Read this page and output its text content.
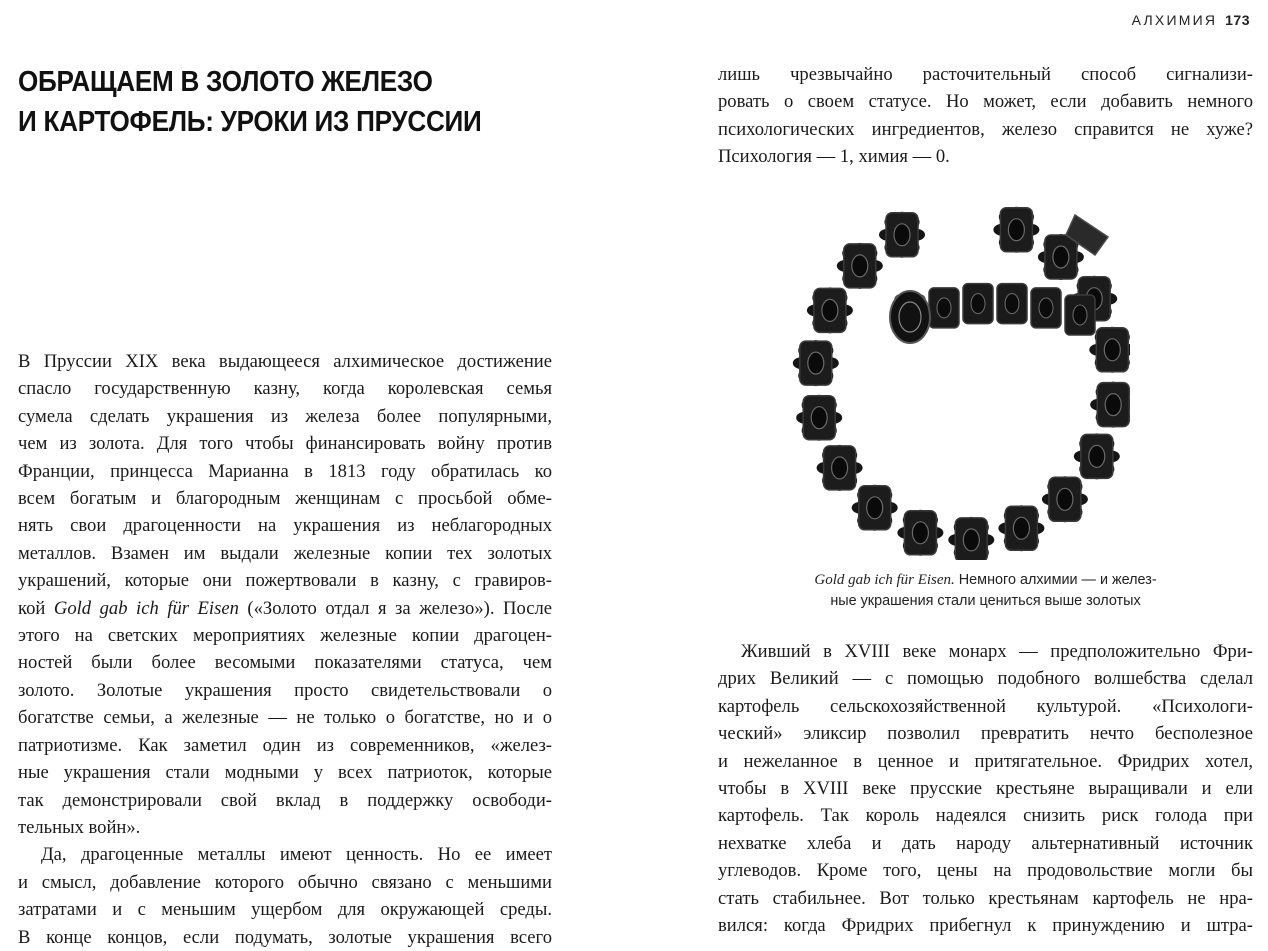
АЛХИМИЯ 173
ОБРАЩАЕМ В ЗОЛОТО ЖЕЛЕЗО
И КАРТОФЕЛЬ: УРОКИ ИЗ ПРУССИИ
В Пруссии XIX века выдающееся алхимическое достижение
спасло государственную казну, когда королевская семья
сумела сделать украшения из железа более популярными,
чем из золота. Для того чтобы финансировать войну против
Франции, принцесса Марианна в 1813 году обратилась ко
всем богатым и благородным женщинам с просьбой обме-
нять свои драгоценности на украшения из неблагородных
металлов. Взамен им выдали железные копии тех золотых
украшений, которые они пожертвовали в казну, с гравиров-
кой Gold gab ich für Eisen («Золото отдал я за железо»). После
этого на светских мероприятиях железные копии драгоцен-
ностей были более весомыми показателями статуса, чем
золото. Золотые украшения просто свидетельствовали о
богатстве семьи, а железные — не только о богатстве, но и о
патриотизме. Как заметил один из современников, «желез-
ные украшения стали модными у всех патриоток, которые
так демонстрировали свой вклад в поддержку освободи-
тельных войн».
Да, драгоценные металлы имеют ценность. Но ее имеет
и смысл, добавление которого обычно связано с меньшими
затратами и с меньшим ущербом для окружающей среды.
В конце концов, если подумать, золотые украшения всего
лишь чрезвычайно расточительный способ сигнализи-
ровать о своем статусе. Но может, если добавить немного
психологических ингредиентов, железо справится не хуже?
Психология — 1, химия — 0.
Gold gab ich für Eisen. Немного алхимии — и желез-
ные украшения стали цениться выше золотых
Живший в XVIII веке монарх — предположительно Фри-
дрих Великий — с помощью подобного волшебства сделал
картофель сельскохозяйственной культурой. «Психологи-
ческий» эликсир позволил превратить нечто бесполезное
и нежеланное в ценное и притягательное. Фридрих хотел,
чтобы в XVIII веке прусские крестьяне выращивали и ели
картофель. Так король надеялся снизить риск голода при
нехватке хлеба и дать народу альтернативный источник
углеводов. Кроме того, цены на продовольствие могли бы
стать стабильнее. Вот только крестьянам картофель не нра-
вился: когда Фридрих прибегнул к принуждению и штра-
